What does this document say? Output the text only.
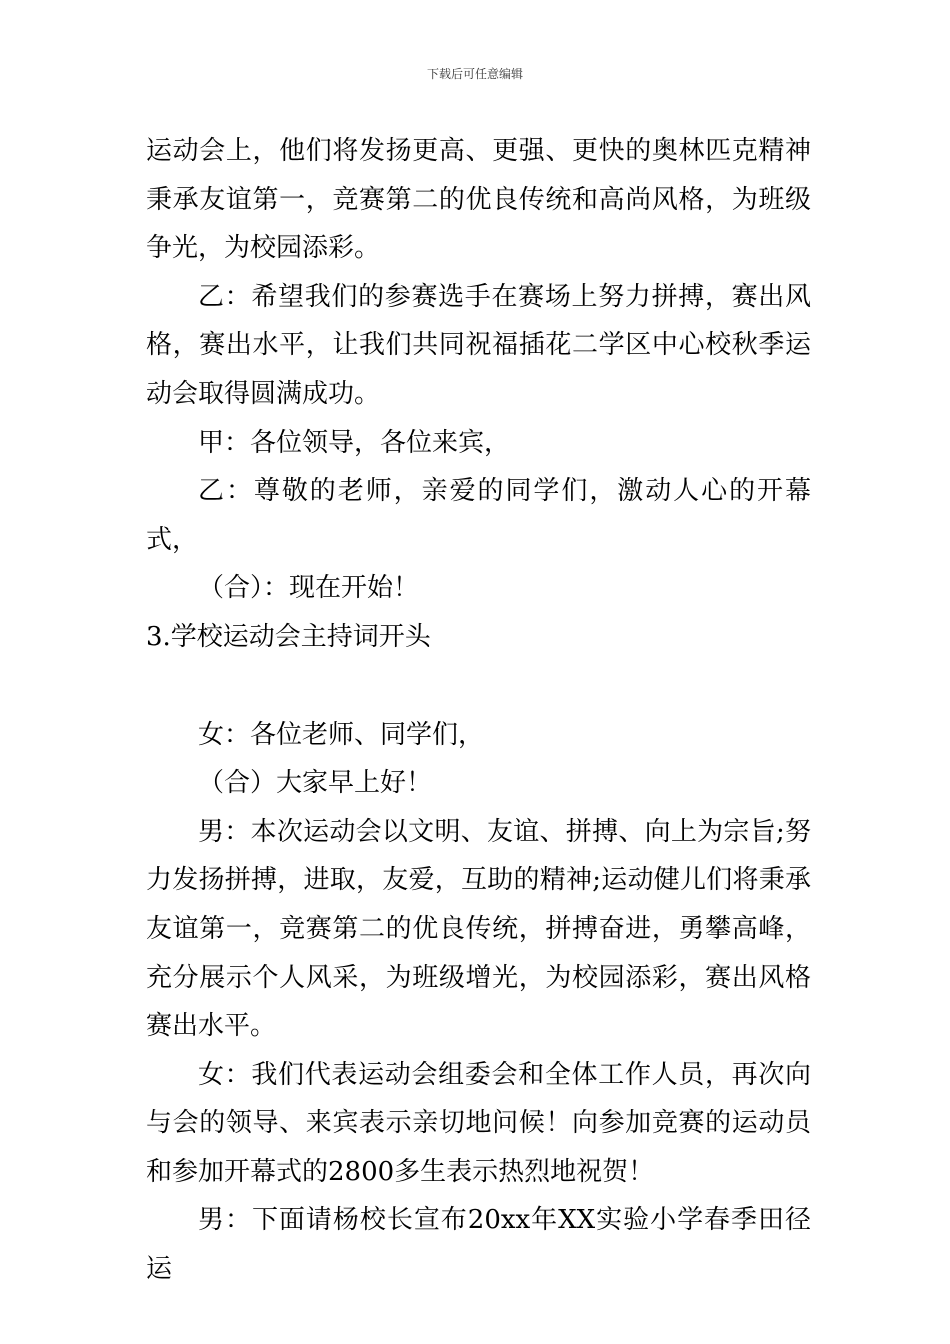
下载后可任意编辑

运动会上，他们将发扬更高、更强、更快的奥林匹克精神秉承友谊第一，竞赛第二的优良传统和高尚风格，为班级争光，为校园添彩。

乙：希望我们的参赛选手在赛场上努力拼搏，赛出风格，赛出水平，让我们共同祝福插花二学区中心校秋季运动会取得圆满成功。

甲：各位领导，各位来宾，

乙：尊敬的老师，亲爱的同学们，激动人心的开幕式，

（合）：现在开始！

3.学校运动会主持词开头

女：各位老师、同学们，

（合）大家早上好！

男：本次运动会以文明、友谊、拼搏、向上为宗旨;努力发扬拼搏，进取，友爱，互助的精神;运动健儿们将秉承友谊第一，竞赛第二的优良传统，拼搏奋进，勇攀高峰，充分展示个人风采，为班级增光，为校园添彩，赛出风格赛出水平。

女：我们代表运动会组委会和全体工作人员，再次向与会的领导、来宾表示亲切地问候！向参加竞赛的运动员和参加开幕式的2800多生表示热烈地祝贺！

男：下面请杨校长宣布20xx年XX实验小学春季田径运
